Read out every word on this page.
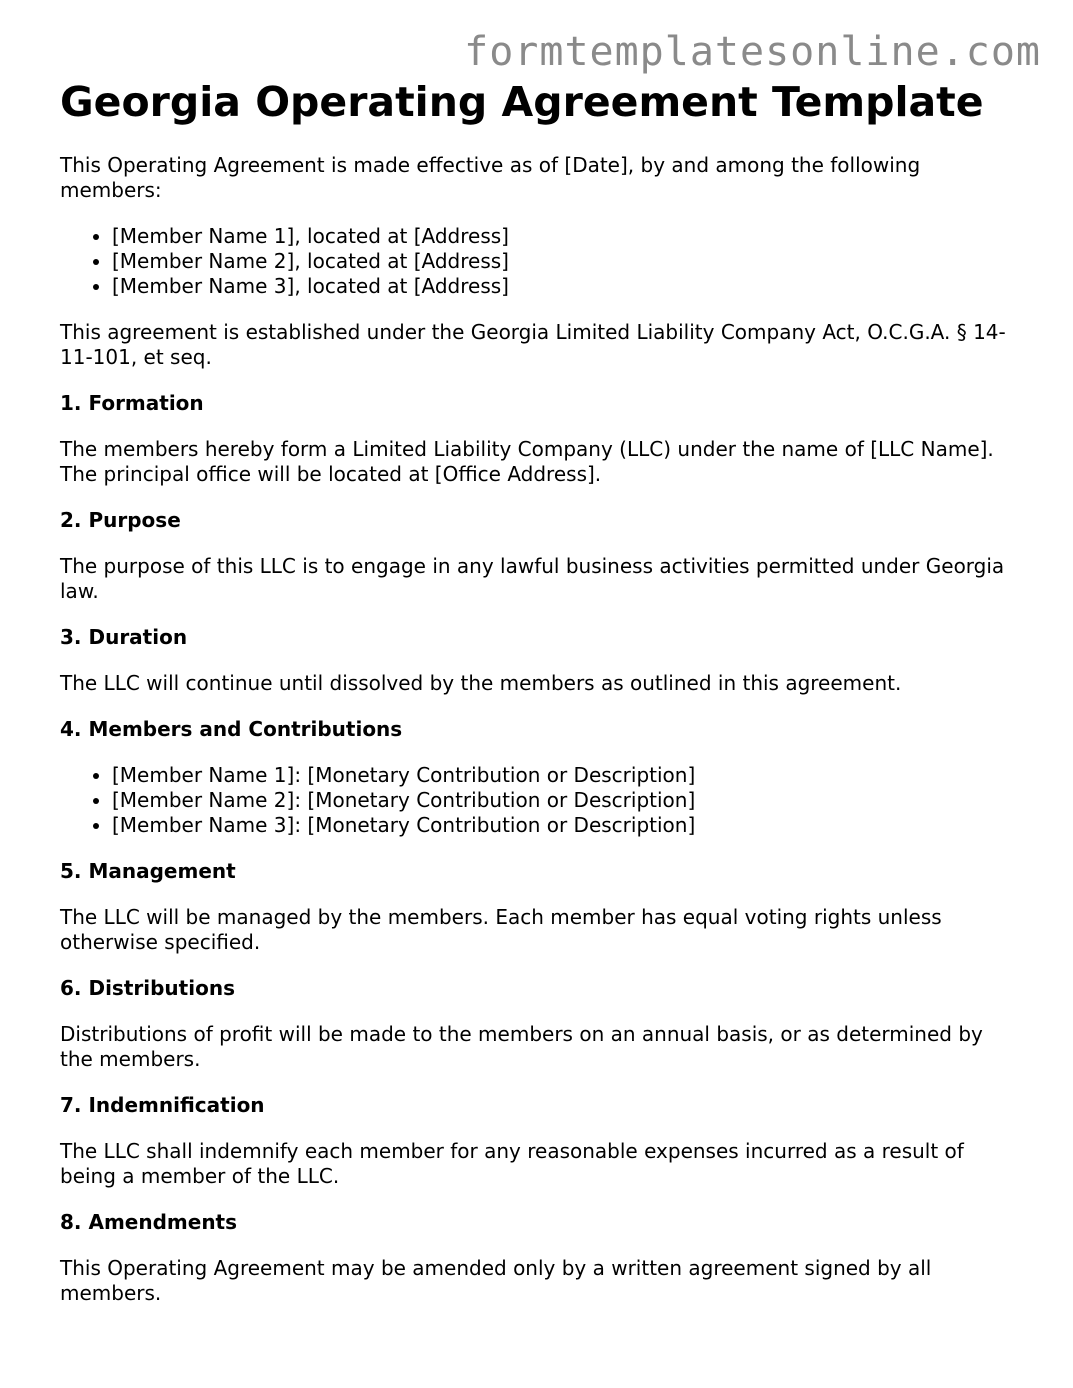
formtemplatesonline.com
Georgia Operating Agreement Template

This Operating Agreement is made effective as of [Date], by and among the following members:

• [Member Name 1], located at [Address]
• [Member Name 2], located at [Address]
• [Member Name 3], located at [Address]

This agreement is established under the Georgia Limited Liability Company Act, O.C.G.A. § 14-11-101, et seq.

1. Formation

The members hereby form a Limited Liability Company (LLC) under the name of [LLC Name]. The principal office will be located at [Office Address].

2. Purpose

The purpose of this LLC is to engage in any lawful business activities permitted under Georgia law.

3. Duration

The LLC will continue until dissolved by the members as outlined in this agreement.

4. Members and Contributions
• [Member Name 1]: [Monetary Contribution or Description]
• [Member Name 2]: [Monetary Contribution or Description]
• [Member Name 3]: [Monetary Contribution or Description]
5. Management

The LLC will be managed by the members. Each member has equal voting rights unless otherwise specified.

6. Distributions

Distributions of profit will be made to the members on an annual basis, or as determined by the members.

7. Indemnification

The LLC shall indemnify each member for any reasonable expenses incurred as a result of being a member of the LLC.

8. Amendments

This Operating Agreement may be amended only by a written agreement signed by all members.
